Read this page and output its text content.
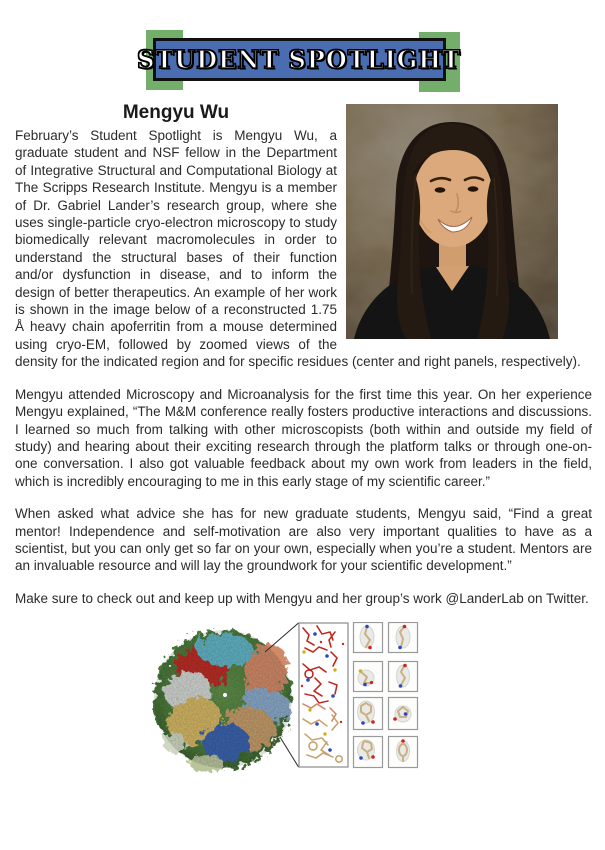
STUDENT SPOTLIGHT
Mengyu Wu

February’s Student Spotlight is Mengyu Wu, a graduate student and NSF fellow in the Department of Integrative Structural and Computational Biology at The Scripps Research Institute. Mengyu is a member of Dr. Gabriel Lander’s research group, where she uses single-particle cryo-electron microscopy to study biomedically relevant macromolecules in order to understand the structural bases of their function and/or dysfunction in disease, and to inform the design of better therapeutics. An example of her work is shown in the image below of a reconstructed 1.75 Å heavy chain apoferritin from a mouse determined using cryo-EM, followed by zoomed views of the density for the indicated region and for specific residues (center and right panels, respectively).

Mengyu attended Microscopy and Microanalysis for the first time this year. On her experience Mengyu explained, “The M&M conference really fosters productive interactions and discussions. I learned so much from talking with other microscopists (both within and outside my field of study) and hearing about their exciting research through the platform talks or through one-on-one conversation. I also got valuable feedback about my own work from leaders in the field, which is incredibly encouraging to me in this early stage of my scientific career.”

When asked what advice she has for new graduate students, Mengyu said, “Find a great mentor! Independence and self-motivation are also very important qualities to have as a scientist, but you can only get so far on your own, especially when you’re a student. Mentors are an invaluable resource and will lay the groundwork for your scientific development.”

Make sure to check out and keep up with Mengyu and her group’s work @LanderLab on Twitter.
